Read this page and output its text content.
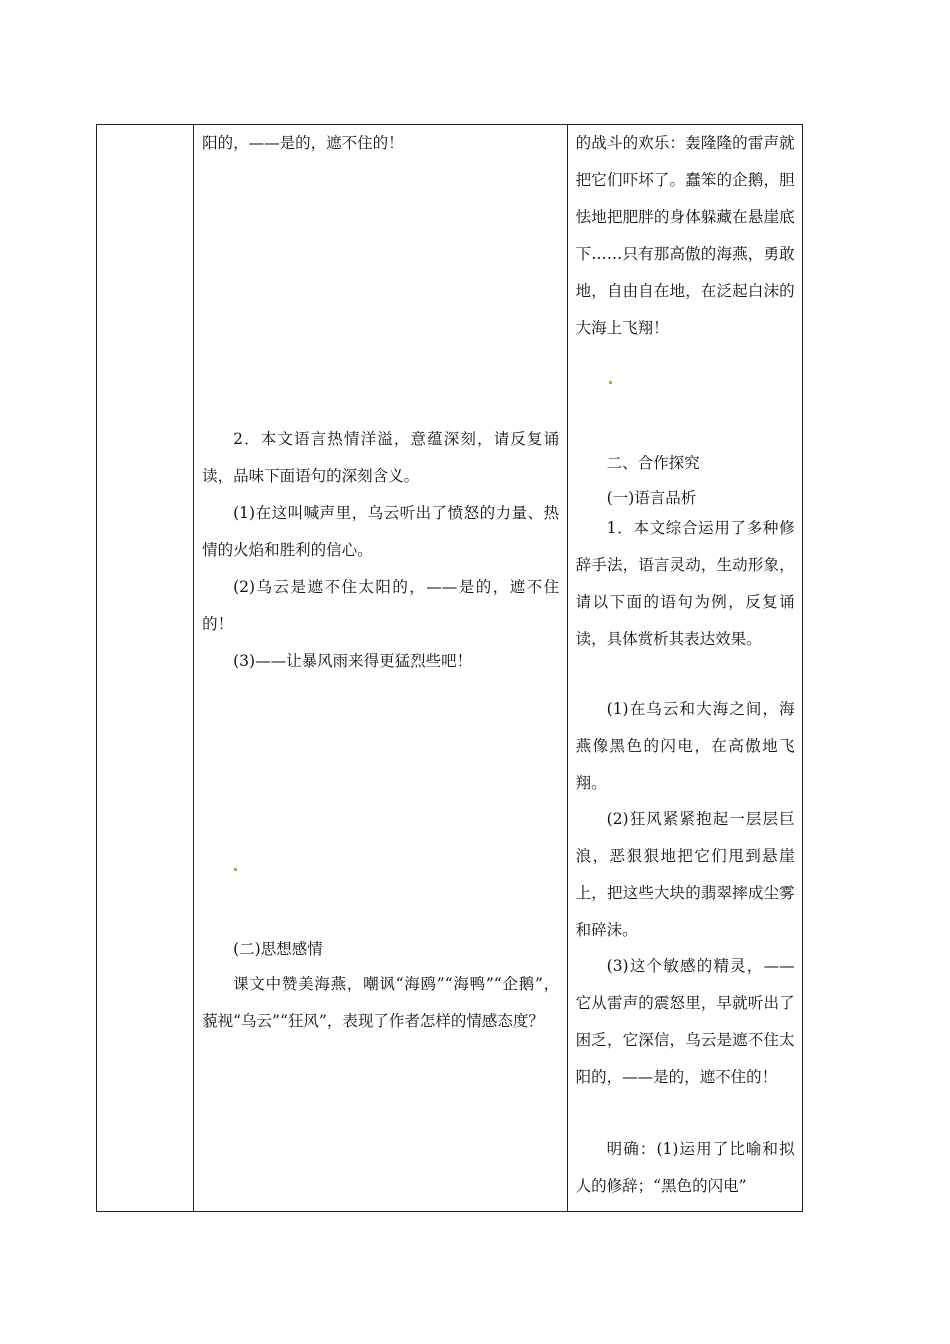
阳的，——是的，遮不住的！

2．本文语言热情洋溢，意蕴深刻，请反复诵读，品味下面语句的深刻含义。

(1)在这叫喊声里，乌云听出了愤怒的力量、热情的火焰和胜利的信心。

(2)乌云是遮不住太阳的，——是的，遮不住的！

(3)——让暴风雨来得更猛烈些吧！

(二)思想感情

课文中赞美海燕，嘲讽“海鸥”“海鸭”“企鹅”，藐视“乌云”“狂风”，表现了作者怎样的情感态度？

的战斗的欢乐：轰隆隆的雷声就把它们吓坏了。蠢笨的企鹅，胆怯地把肥胖的身体躲藏在悬崖底下……只有那高傲的海燕，勇敢地，自由自在地，在泛起白沫的大海上飞翔！

二、合作探究

(一)语言品析

1．本文综合运用了多种修辞手法，语言灵动，生动形象，请以下面的语句为例，反复诵读，具体赏析其表达效果。

(1)在乌云和大海之间，海燕像黑色的闪电，在高傲地飞翔。

(2)狂风紧紧抱起一层层巨浪，恶狠狠地把它们甩到悬崖上，把这些大块的翡翠摔成尘雾和碎沫。

(3)这个敏感的精灵，——它从雷声的震怒里，早就听出了困乏，它深信，乌云是遮不住太阳的，——是的，遮不住的！

明确：(1)运用了比喻和拟人的修辞；“黑色的闪电”
